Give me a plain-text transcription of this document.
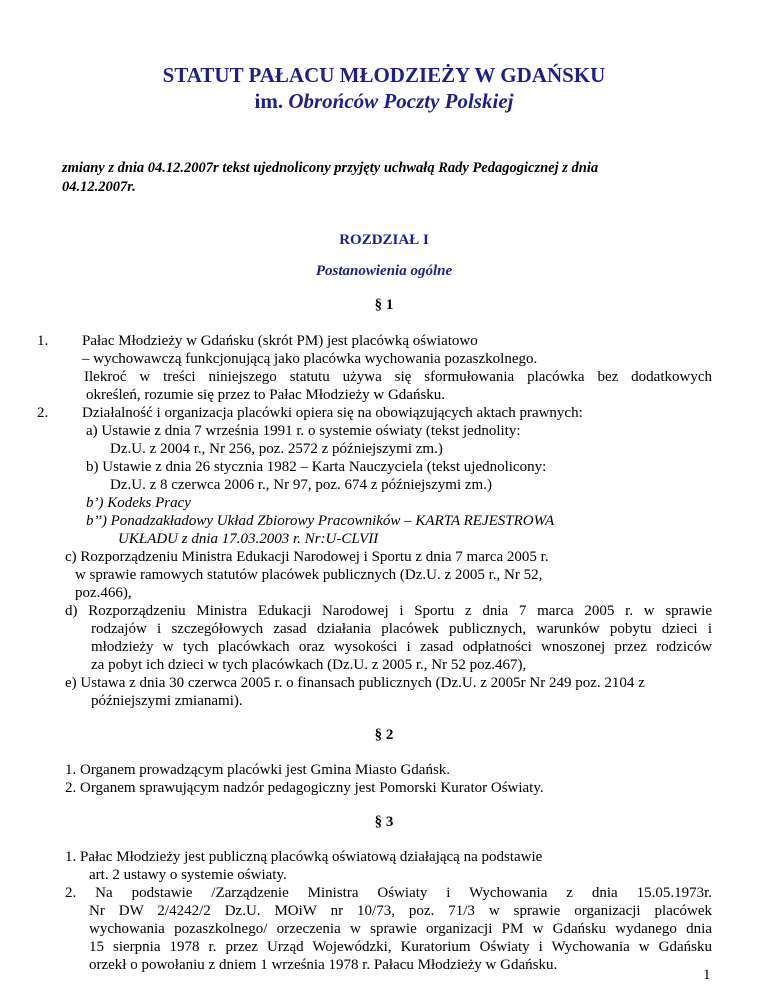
STATUT PAŁACU MŁODZIEŻY W GDAŃSKU
im. Obrońców Poczty Polskiej
zmiany z dnia 04.12.2007r tekst ujednolicony przyjęty uchwałą Rady Pedagogicznej z dnia
04.12.2007r.
ROZDZIAŁ I
Postanowienia ogólne
§ 1
1. Pałac Młodzieży w Gdańsku (skrót PM) jest placówką oświatowo
– wychowawczą funkcjonującą jako placówka wychowania pozaszkolnego.
Ilekroć w treści niniejszego statutu używa się sformułowania placówka bez dodatkowych
określeń, rozumie się przez to Pałac Młodzieży w Gdańsku.
2. Działalność i organizacja placówki opiera się na obowiązujących aktach prawnych:
a) Ustawie z dnia 7 września 1991 r. o systemie oświaty (tekst jednolity:
Dz.U. z 2004 r., Nr 256, poz. 2572 z późniejszymi zm.)
b) Ustawie z dnia 26 stycznia 1982 – Karta Nauczyciela (tekst ujednolicony:
Dz.U. z 8 czerwca 2006 r., Nr 97, poz. 674 z późniejszymi zm.)
b’) Kodeks Pracy
b’’) Ponadzakładowy Układ Zbiorowy Pracowników – KARTA REJESTROWA
UKŁADU z dnia 17.03.2003 r. Nr:U-CLVII
c) Rozporządzeniu Ministra Edukacji Narodowej i Sportu z dnia 7 marca 2005 r.
w sprawie ramowych statutów placówek publicznych (Dz.U. z 2005 r., Nr 52,
poz.466),
d) Rozporządzeniu Ministra Edukacji Narodowej i Sportu z dnia 7 marca 2005 r. w sprawie
rodzajów i szczegółowych zasad działania placówek publicznych, warunków pobytu dzieci i
młodzieży w tych placówkach oraz wysokości i zasad odpłatności wnoszonej przez rodziców
za pobyt ich dzieci w tych placówkach (Dz.U. z 2005 r., Nr 52 poz.467),
e) Ustawa z dnia 30 czerwca 2005 r. o finansach publicznych (Dz.U. z 2005r Nr 249 poz. 2104 z
późniejszymi zmianami).
§ 2
1. Organem prowadzącym placówki jest Gmina Miasto Gdańsk.
2. Organem sprawującym nadzór pedagogiczny jest Pomorski Kurator Oświaty.
§ 3
1. Pałac Młodzieży jest publiczną placówką oświatową działającą na podstawie
art. 2 ustawy o systemie oświaty.
2. Na podstawie /Zarządzenie Ministra Oświaty i Wychowania z dnia 15.05.1973r.
Nr DW 2/4242/2 Dz.U. MOiW nr 10/73, poz. 71/3 w sprawie organizacji placówek
wychowania pozaszkolnego/ orzeczenia w sprawie organizacji PM w Gdańsku wydanego dnia
15 sierpnia 1978 r. przez Urząd Wojewódzki, Kuratorium Oświaty i Wychowania w Gdańsku
orzekł o powołaniu z dniem 1 września 1978 r. Pałacu Młodzieży w Gdańsku.
1
